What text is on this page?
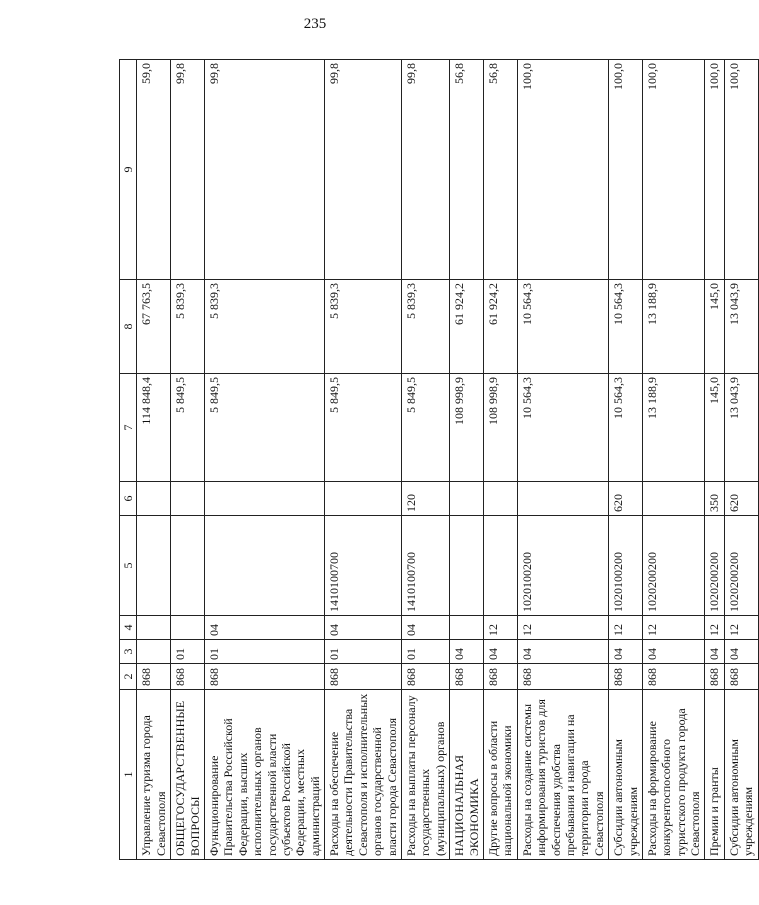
235
1	2	3	4	5	6	7	8	9
Управление туризма города Севастополя	868					114 848,4	67 763,5	59,0
ОБЩЕГОСУДАРСТВЕННЫЕ ВОПРОСЫ	868	01				5 849,5	5 839,3	99,8
Функционирование Правительства Российской Федерации, высших исполнительных органов государственной власти субъектов Российской Федерации, местных администраций	868	01	04			5 849,5	5 839,3	99,8
Расходы на обеспечение деятельности Правительства Севастополя и исполнительных органов государственной власти города Севастополя	868	01	04	1410100700		5 849,5	5 839,3	99,8
Расходы на выплаты персоналу государственных (муниципальных) органов	868	01	04	1410100700	120	5 849,5	5 839,3	99,8
НАЦИОНАЛЬНАЯ ЭКОНОМИКА	868	04				108 998,9	61 924,2	56,8
Другие вопросы в области национальной экономики	868	04	12			108 998,9	61 924,2	56,8
Расходы на создание системы информирования туристов для обеспечения удобства пребывания и навигации на территории города Севастополя	868	04	12	1020100200		10 564,3	10 564,3	100,0
Субсидии автономным учреждениям	868	04	12	1020100200	620	10 564,3	10 564,3	100,0
Расходы на формирование конкурентоспособного туристского продукта города Севастополя	868	04	12	1020200200		13 188,9	13 188,9	100,0
Премии и гранты	868	04	12	1020200200	350	145,0	145,0	100,0
Субсидии автономным учреждениям	868	04	12	1020200200	620	13 043,9	13 043,9	100,0
